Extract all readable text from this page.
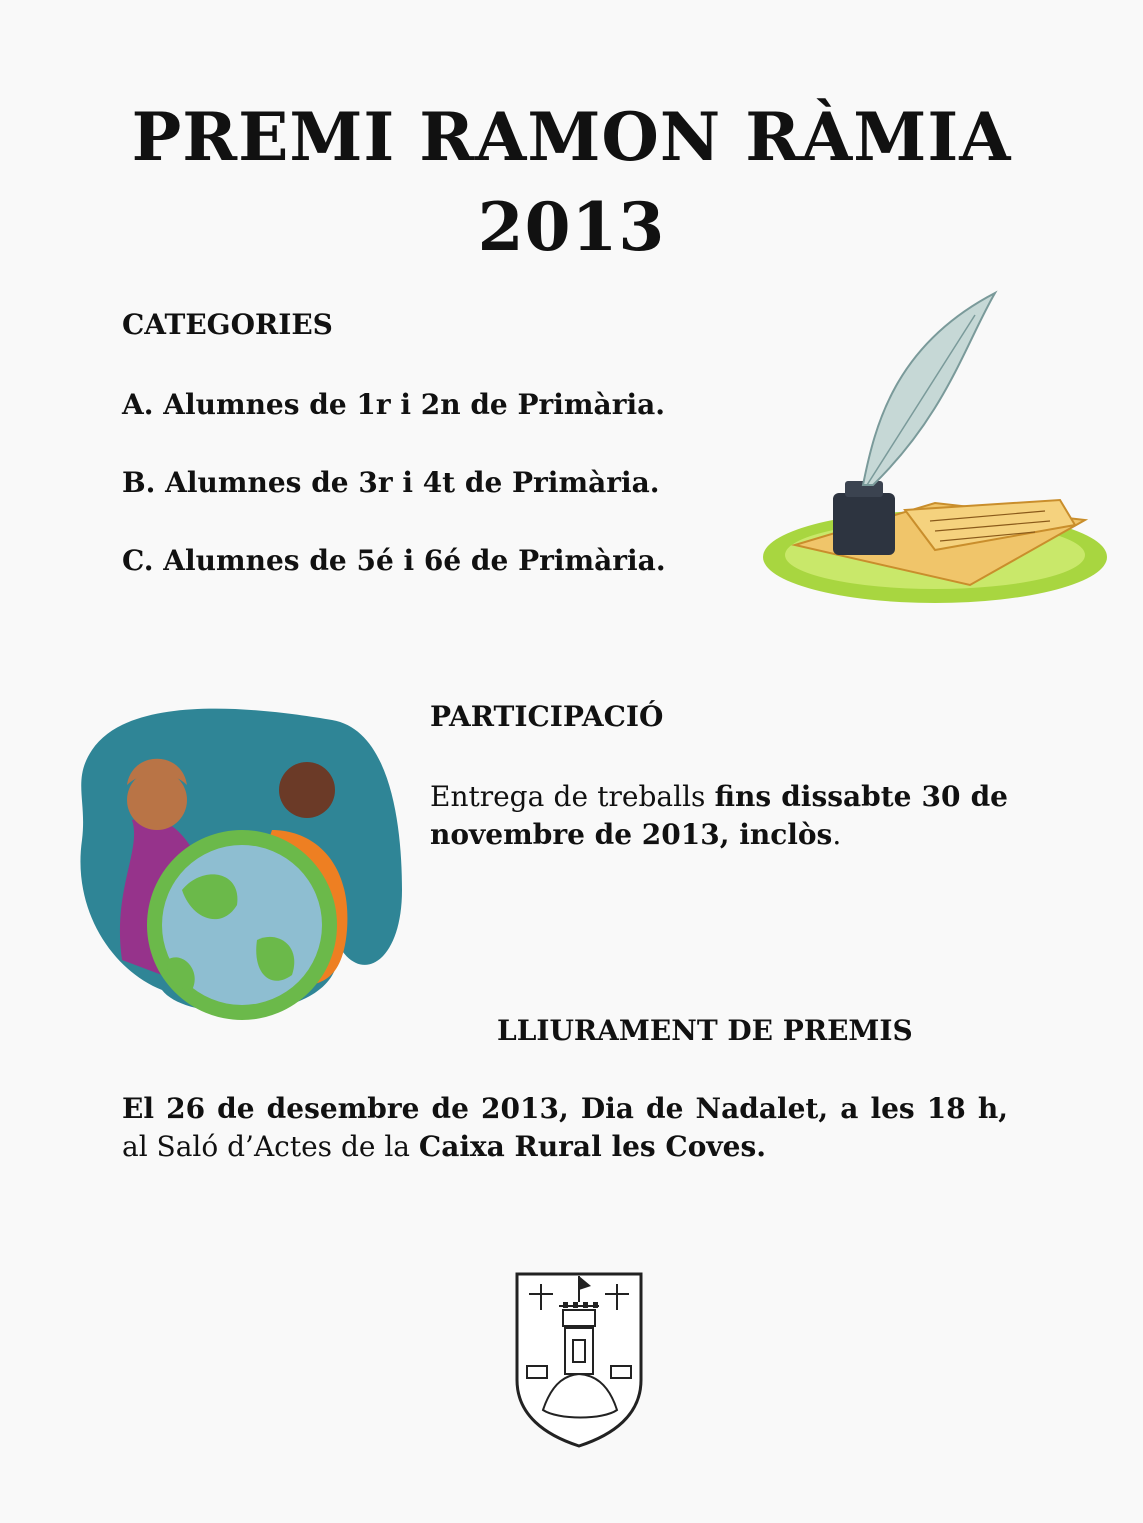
PREMI RAMON RÀMIA
2013
CATEGORIES

A. Alumnes de 1r i 2n de Primària.

B. Alumnes de 3r i 4t de Primària.

C. Alumnes de 5é i 6é de Primària.

PARTICIPACIÓ

Entrega de treballs fins dissabte 30 de novembre de 2013, inclòs.

LLIURAMENT DE PREMIS

El 26 de desembre de 2013, Dia de Nadalet, a les 18 h, al Saló d’Actes de la Caixa Rural les Coves.
